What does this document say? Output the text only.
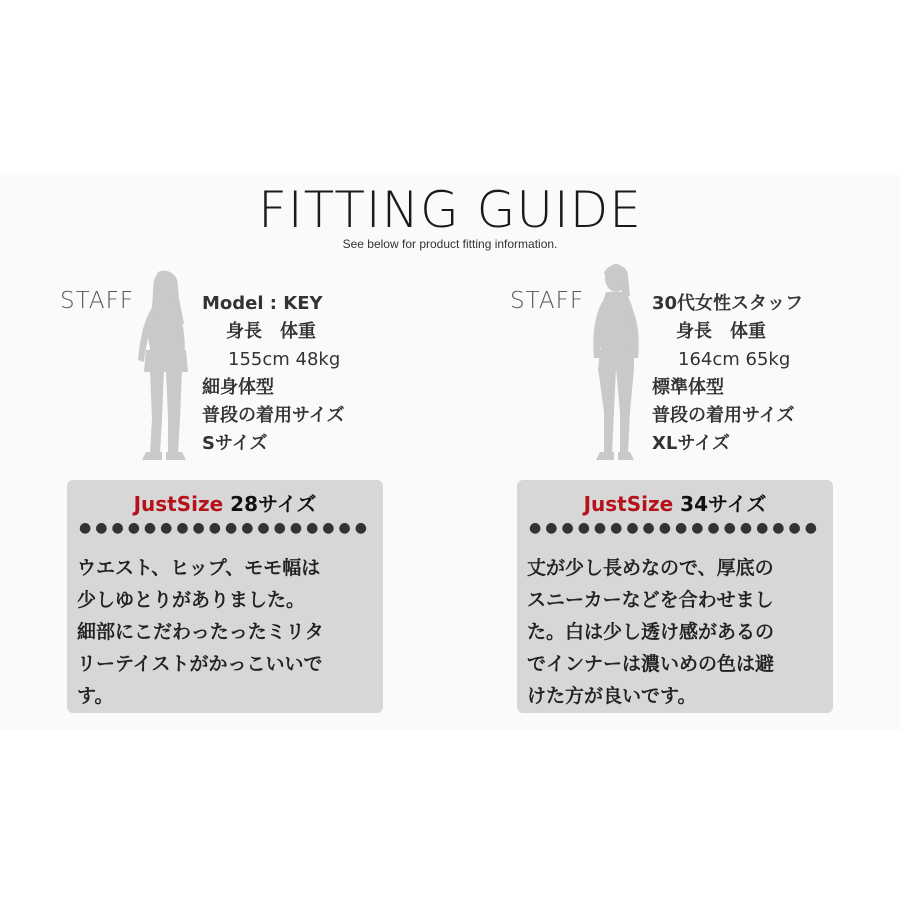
FITTING GUIDE
See below for product fitting information.
STAFF	Model : KEY
身長　体重
155cm 48kg
細身体型
普段の着用サイズ
Sサイズ
JustSize 28サイズ
●●●●●●●●●●●●●●●●●●
ウエスト、ヒップ、モモ幅は
少しゆとりがありました。
細部にこだわったったミリタ
リーテイストがかっこいいで
す。
STAFF	30代女性スタッフ
身長　体重
164cm 65kg
標準体型
普段の着用サイズ
XLサイズ
JustSize 34サイズ
●●●●●●●●●●●●●●●●●●
丈が少し長めなので、厚底の
スニーカーなどを合わせまし
た。白は少し透け感があるの
でインナーは濃いめの色は避
けた方が良いです。
